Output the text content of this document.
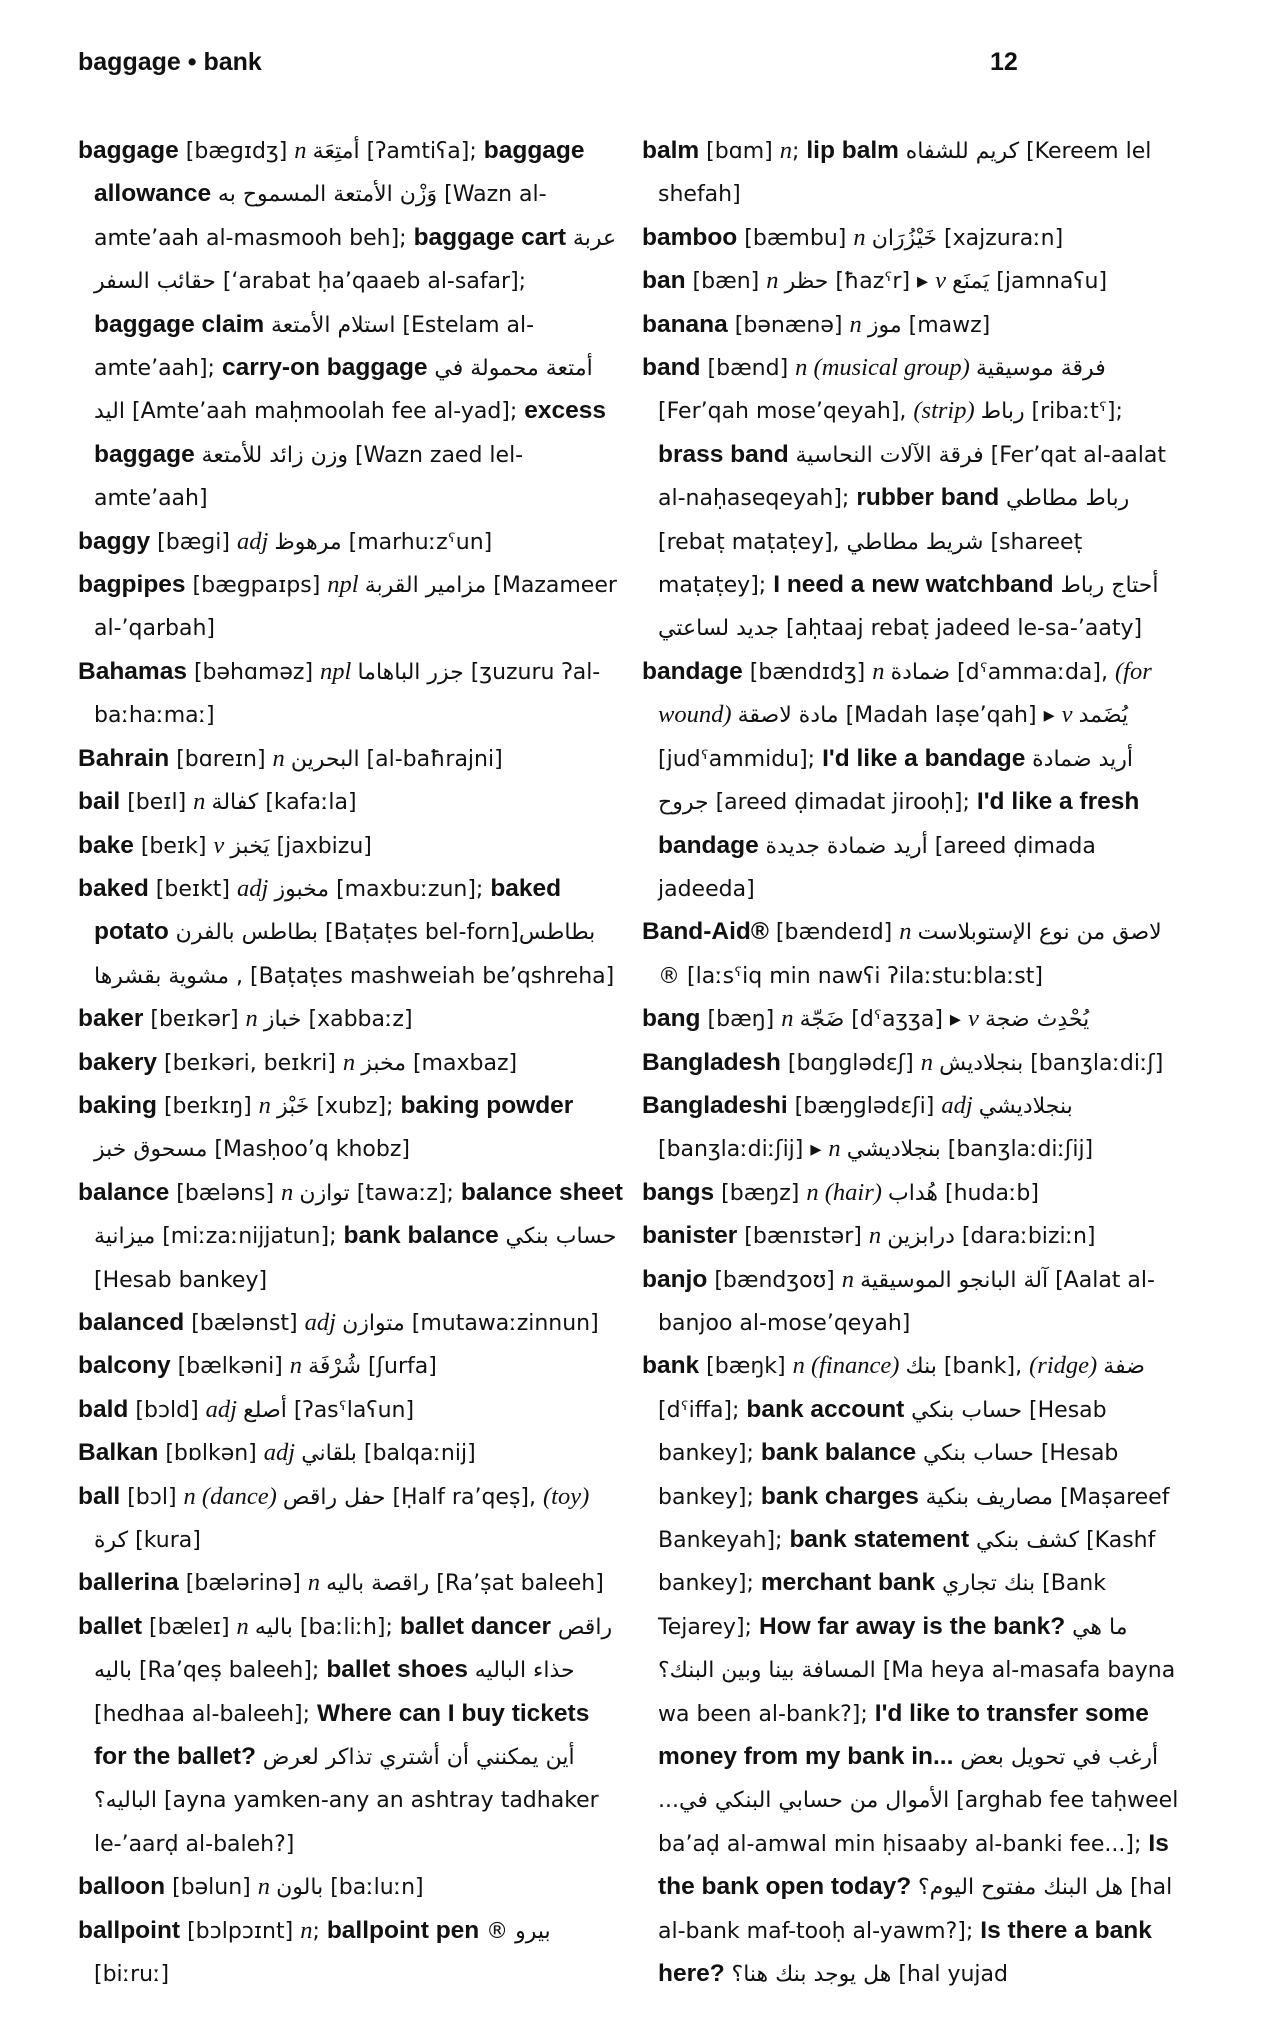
baggage • bank	12

baggage [bæɡɪdʒ] n أمتِعَة [ʔamtiʕa]; baggage allowance وَزْن الأمتعة المسموح به [Wazn al-amte’aah al-masmooh beh]; baggage cart عربة حقائب السفر [‘arabat ḥa’qaaeb al-safar]; baggage claim استلام الأمتعة [Estelam al-amte’aah]; carry-on baggage أمتعة محمولة في اليد [Amte’aah maḥmoolah fee al-yad]; excess baggage وزن زائد للأمتعة [Wazn zaed lel-amte’aah]

baggy [bæɡi] adj مرهوظ [marhuːzˤun]

bagpipes [bæɡpaɪps] npl مزامير القربة [Mazameer al-’qarbah]

Bahamas [bəhɑməz] npl جزر الباهاما [ʒuzuru ʔal-baːhaːmaː]

Bahrain [bɑreɪn] n البحرين [al-baħrajni]

bail [beɪl] n كفالة [kafaːla]

bake [beɪk] v يَخبز [jaxbizu]

baked [beɪkt] adj مخبوز [maxbuːzun]; baked potato بطاطس بالفرن [Baṭaṭes bel-forn]بطاطس مشوية بقشرها , [Baṭaṭes mashweiah be’qshreha]

baker [beɪkər] n خباز [xabbaːz]

bakery [beɪkəri, beɪkri] n مخبز [maxbaz]

baking [beɪkɪŋ] n خَبْز [xubz]; baking powder مسحوق خبز [Masḥoo’q khobz]

balance [bæləns] n توازن [tawaːz]; balance sheet ميزانية [miːzaːnijjatun]; bank balance حساب بنكي [Hesab bankey]

balanced [bælənst] adj متوازن [mutawaːzinnun]

balcony [bælkəni] n شُرْفَة [ʃurfa]

bald [bɔld] adj أصلع [ʔasˤlaʕun]

Balkan [bɒlkən] adj بلقاني [balqaːnij]

ball [bɔl] n (dance) حفل راقص [Ḥalf ra’qeṣ], (toy) كرة [kura]

ballerina [bælərinə] n راقصة باليه [Ra’ṣat baleeh]

ballet [bæleɪ] n باليه [baːliːh]; ballet dancer راقص باليه [Ra’qeṣ baleeh]; ballet shoes حذاء الباليه [hedhaa al-baleeh]; Where can I buy tickets for the ballet? أين يمكنني أن أشتري تذاكر لعرض الباليه؟ [ayna yamken-any an ashtray tadhaker le-’aarḍ al-baleh?]

balloon [bəlun] n بالون [baːluːn]

ballpoint [bɔlpɔɪnt] n; ballpoint pen بيرو ® [biːruː]

balm [bɑm] n; lip balm كريم للشفاه [Kereem lel shefah]

bamboo [bæmbu] n خَيْزُرَان [xajzuraːn]

ban [bæn] n حظر [ħazˤr] ▸ v يَمنَع [jamnaʕu]

banana [bənænə] n موز [mawz]

band [bænd] n (musical group) فرقة موسيقية [Fer’qah mose’qeyah], (strip) رباط [ribaːtˤ]; brass band فرقة الآلات النحاسية [Fer’qat al-aalat al-naḥaseqeyah]; rubber band رباط مطاطي [rebaṭ maṭaṭey], شريط مطاطي [shareeṭ maṭaṭey]; I need a new watchband أحتاج رباط جديد لساعتي [aḥtaaj rebaṭ jadeed le-sa-’aaty]

bandage [bændɪdʒ] n ضمادة [dˤammaːda], (for wound) مادة لاصقة [Madah laṣe’qah] ▸ v يُضَمد [judˤammidu]; I'd like a bandage أريد ضمادة جروح [areed ḍimadat jirooḥ]; I'd like a fresh bandage أريد ضمادة جديدة [areed ḍimada jadeeda]

Band-Aid® [bændeɪd] n لاصق من نوع الإستوبلاست ® [laːsˤiq min nawʕi ʔilaːstuːblaːst]

bang [bæŋ] n ضَجّة [dˤaʒʒa] ▸ v يُحْدِث ضجة

Bangladesh [bɑŋɡlədɛʃ] n بنجلاديش [banʒlaːdiːʃ]

Bangladeshi [bæŋɡlədɛʃi] adj بنجلاديشي [banʒlaːdiːʃij] ▸ n بنجلاديشي [banʒlaːdiːʃij]

bangs [bæŋz] n (hair) هُداب [hudaːb]

banister [bænɪstər] n درابزين [daraːbiziːn]

banjo [bændʒoʊ] n آلة البانجو الموسيقية [Aalat al-banjoo al-mose’qeyah]

bank [bæŋk] n (finance) بنك [bank], (ridge) ضفة [dˤiffa]; bank account حساب بنكي [Hesab bankey]; bank balance حساب بنكي [Hesab bankey]; bank charges مصاريف بنكية [Maṣareef Bankeyah]; bank statement كشف بنكي [Kashf bankey]; merchant bank بنك تجاري [Bank Tejarey]; How far away is the bank? ما هي المسافة بينا وبين البنك؟ [Ma heya al-masafa bayna wa been al-bank?]; I'd like to transfer some money from my bank in... أرغب في تحويل بعض الأموال من حسابي البنكي في... [arghab fee taḥweel ba’aḍ al-amwal min ḥisaaby al-banki fee...]; Is the bank open today? هل البنك مفتوح اليوم؟ [hal al-bank maf-tooḥ al-yawm?]; Is there a bank here? هل يوجد بنك هنا؟ [hal yujad
